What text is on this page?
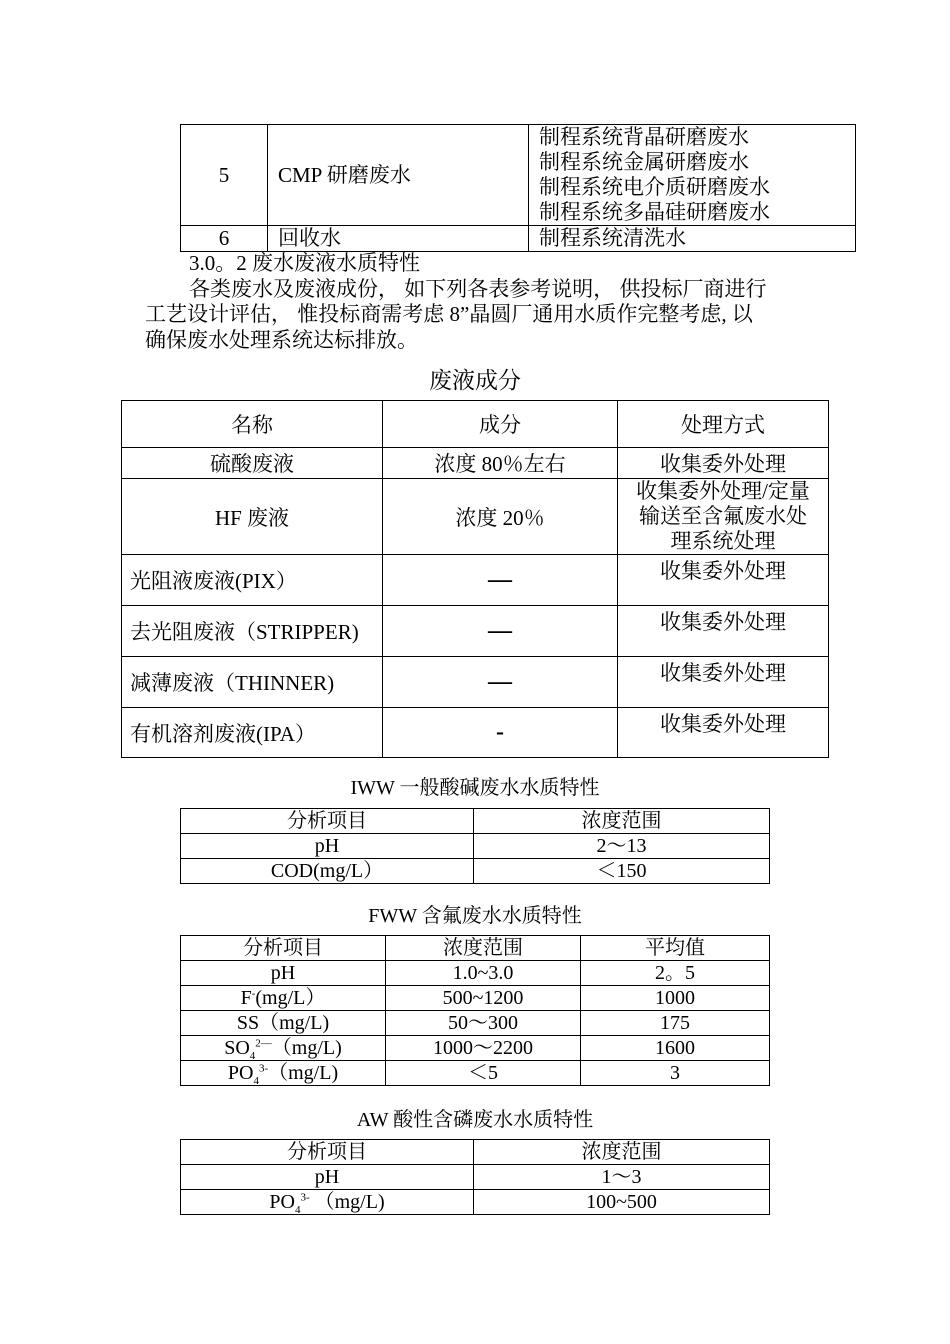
5	CMP 研磨废水	制程系统背晶研磨废水
制程系统金属研磨废水
制程系统电介质研磨废水
制程系统多晶硅研磨废水

6	回收水	制程系统清洗水
3.0。2 废水废液水质特性
各类废水及废液成份， 如下列各表参考说明， 供投标厂商进行
工艺设计评估， 惟投标商需考虑 8”晶圆厂通用水质作完整考虑, 以
确保废水处理系统达标排放。
废液成分
名称	成分	处理方式
硫酸废液	浓度 80％左右	收集委外处理
HF 废液	浓度 20％	收集委外处理/定量
输送至含氟废水处
理系统处理

光阻液废液(PIX）	—	收集委外处理
去光阻废液（STRIPPER)	—	收集委外处理
减薄废液（THINNER)	—	收集委外处理
有机溶剂废液(IPA）	-	收集委外处理
IWW 一般酸碱废水水质特性
分析项目	浓度范围
pH	2～13
COD(mg/L）	＜150
FWW 含氟废水水质特性
分析项目	浓度范围	平均值
pH	1.0~3.0	2。5
F-(mg/L）	500~1200	1000
SS（mg/L)	50～300	175
$SO_4^{2—}(mg/L)$	1000～2200	1600
$PO_4^{3-}(mg/L)$	＜5	3
AW 酸性含磷废水水质特性
分析项目	浓度范围
pH	1～3
$PO_4^{3-}$ （mg/L)	100~500
